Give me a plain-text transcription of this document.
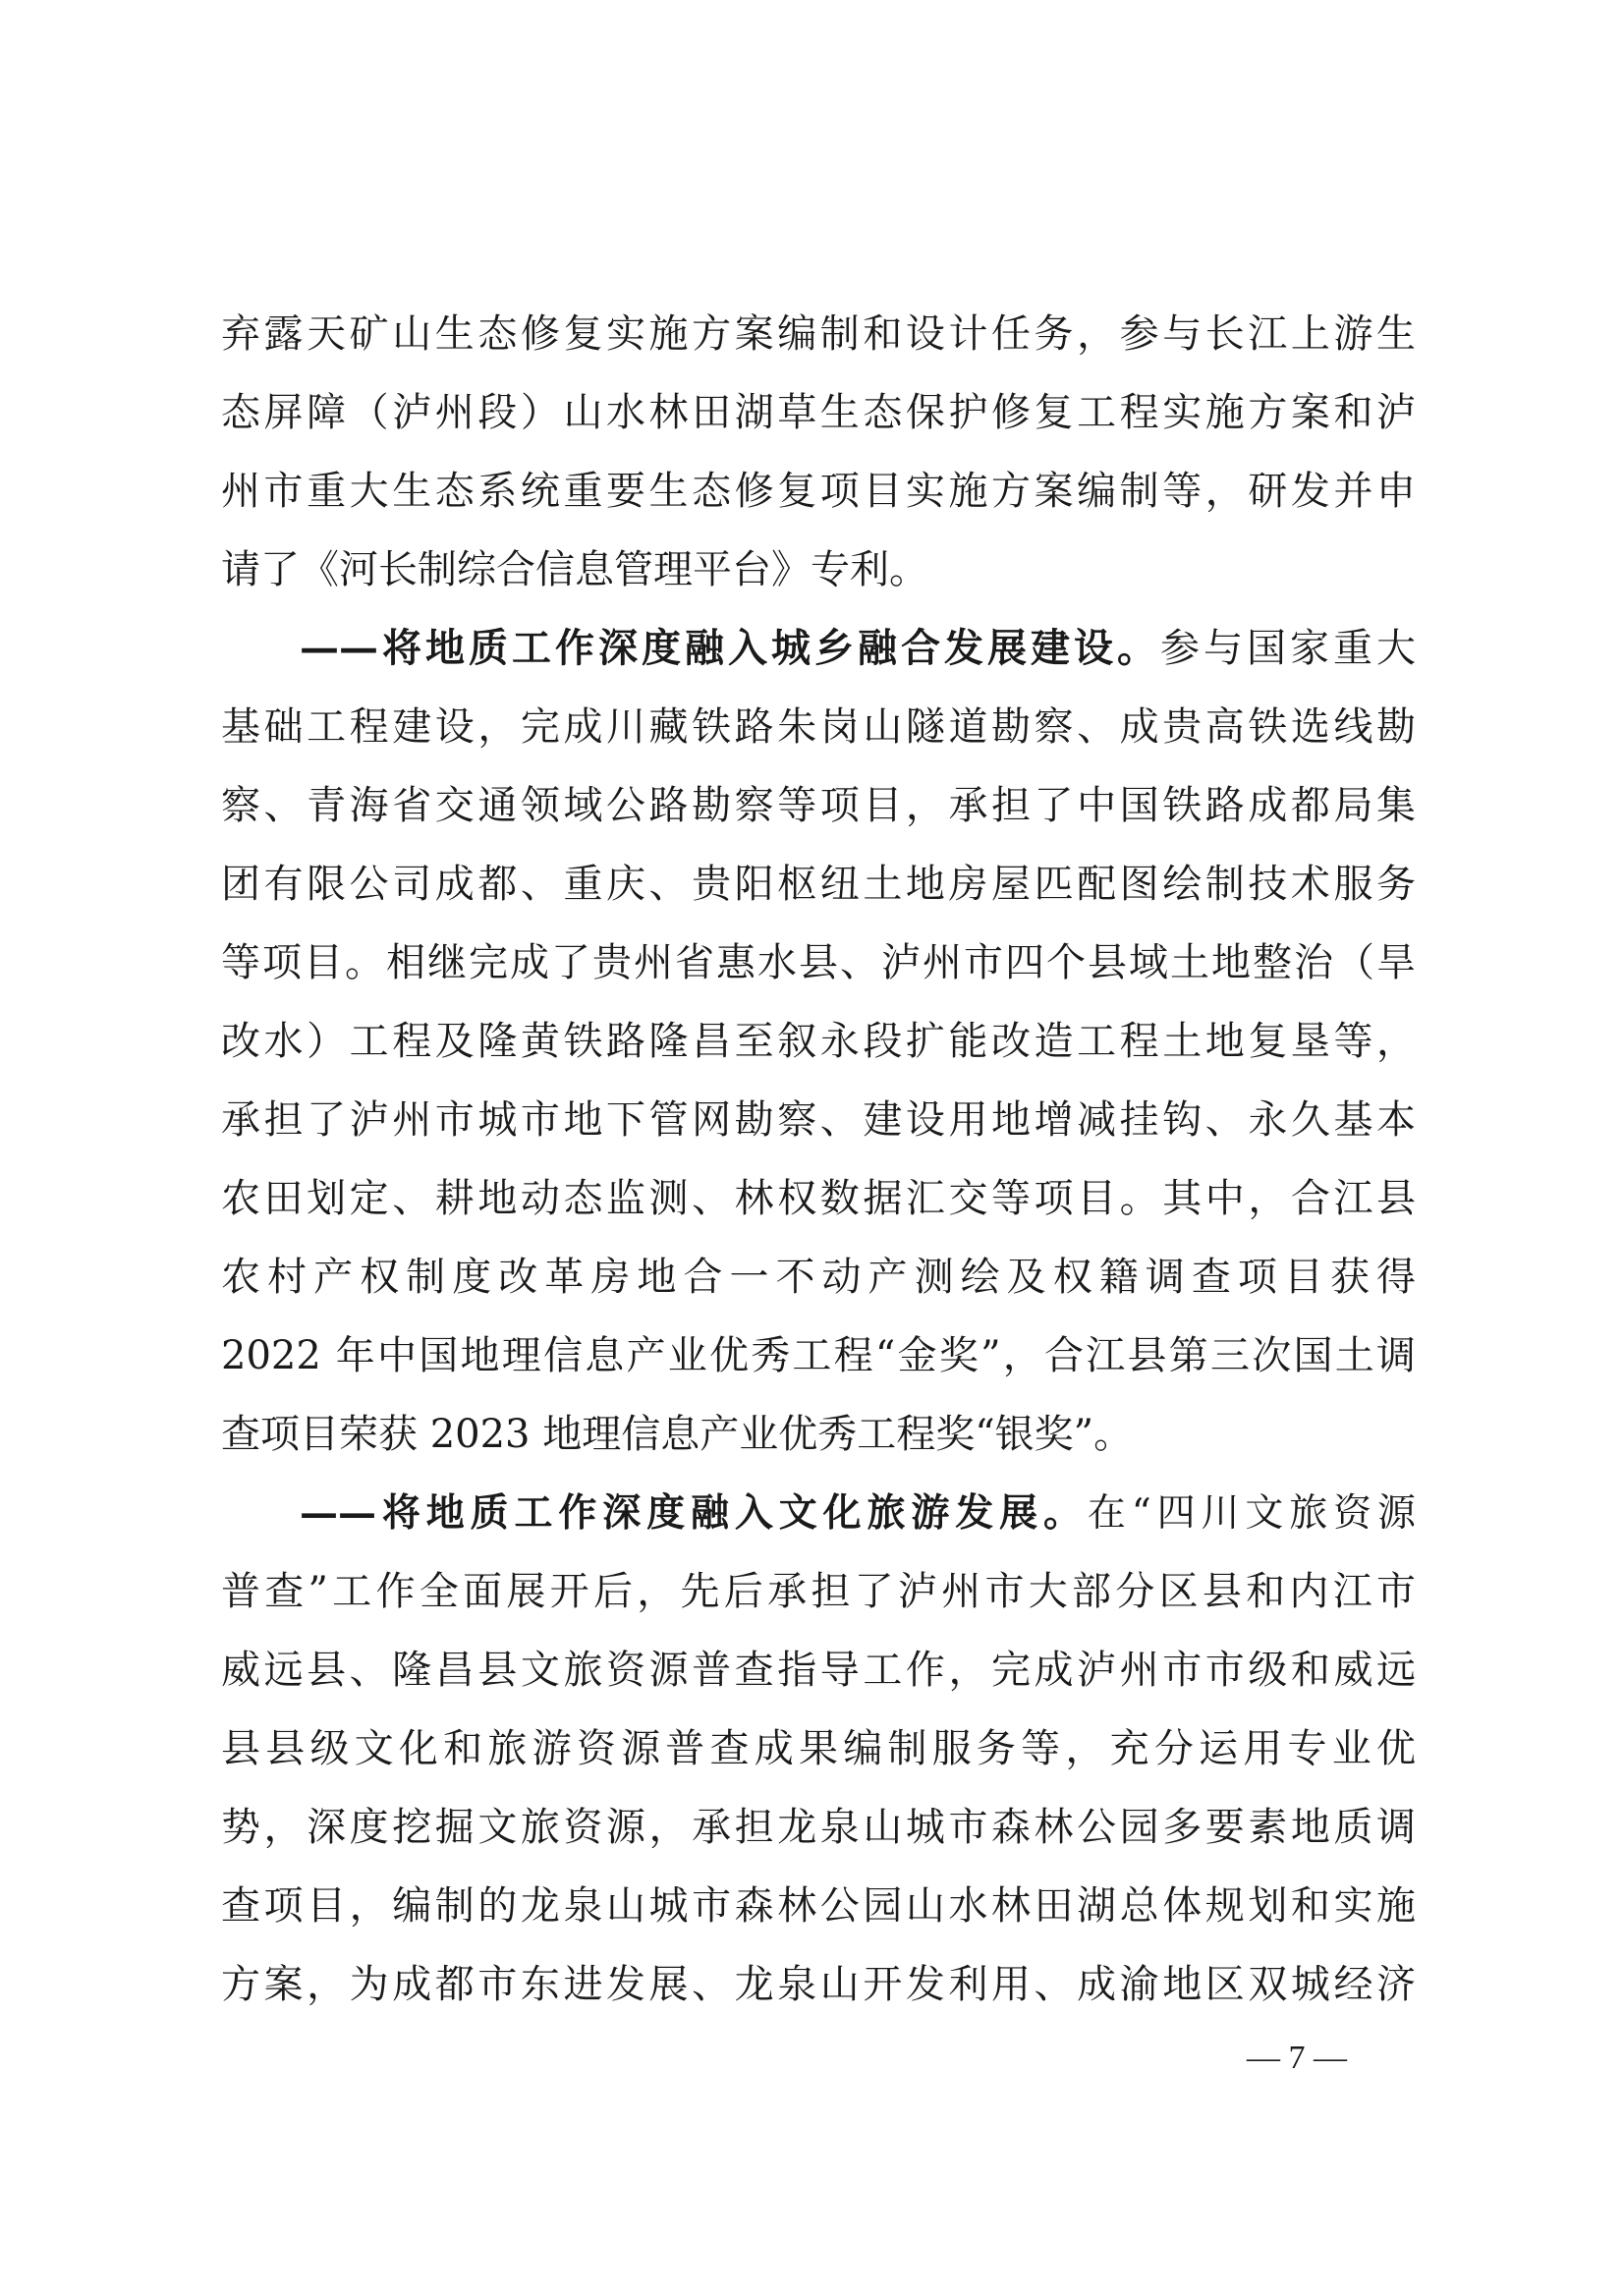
弃露天矿山生态修复实施方案编制和设计任务，参与长江上游生
态屏障（泸州段）山水林田湖草生态保护修复工程实施方案和泸
州市重大生态系统重要生态修复项目实施方案编制等，研发并申
请了《河长制综合信息管理平台》专利。
——将地质工作深度融入城乡融合发展建设。参与国家重大
基础工程建设，完成川藏铁路朱岗山隧道勘察、成贵高铁选线勘
察、青海省交通领域公路勘察等项目，承担了中国铁路成都局集
团有限公司成都、重庆、贵阳枢纽土地房屋匹配图绘制技术服务
等项目。相继完成了贵州省惠水县、泸州市四个县域土地整治（旱
改水）工程及隆黄铁路隆昌至叙永段扩能改造工程土地复垦等，
承担了泸州市城市地下管网勘察、建设用地增减挂钩、永久基本
农田划定、耕地动态监测、林权数据汇交等项目。其中，合江县
农村产权制度改革房地合一不动产测绘及权籍调查项目获得
2022 年中国地理信息产业优秀工程“金奖”，合江县第三次国土调
查项目荣获 2023 地理信息产业优秀工程奖“银奖”。
——将地质工作深度融入文化旅游发展。在“四川文旅资源
普查”工作全面展开后，先后承担了泸州市大部分区县和内江市
威远县、隆昌县文旅资源普查指导工作，完成泸州市市级和威远
县县级文化和旅游资源普查成果编制服务等，充分运用专业优
势，深度挖掘文旅资源，承担龙泉山城市森林公园多要素地质调
查项目，编制的龙泉山城市森林公园山水林田湖总体规划和实施
方案，为成都市东进发展、龙泉山开发利用、成渝地区双城经济
— 7 —
